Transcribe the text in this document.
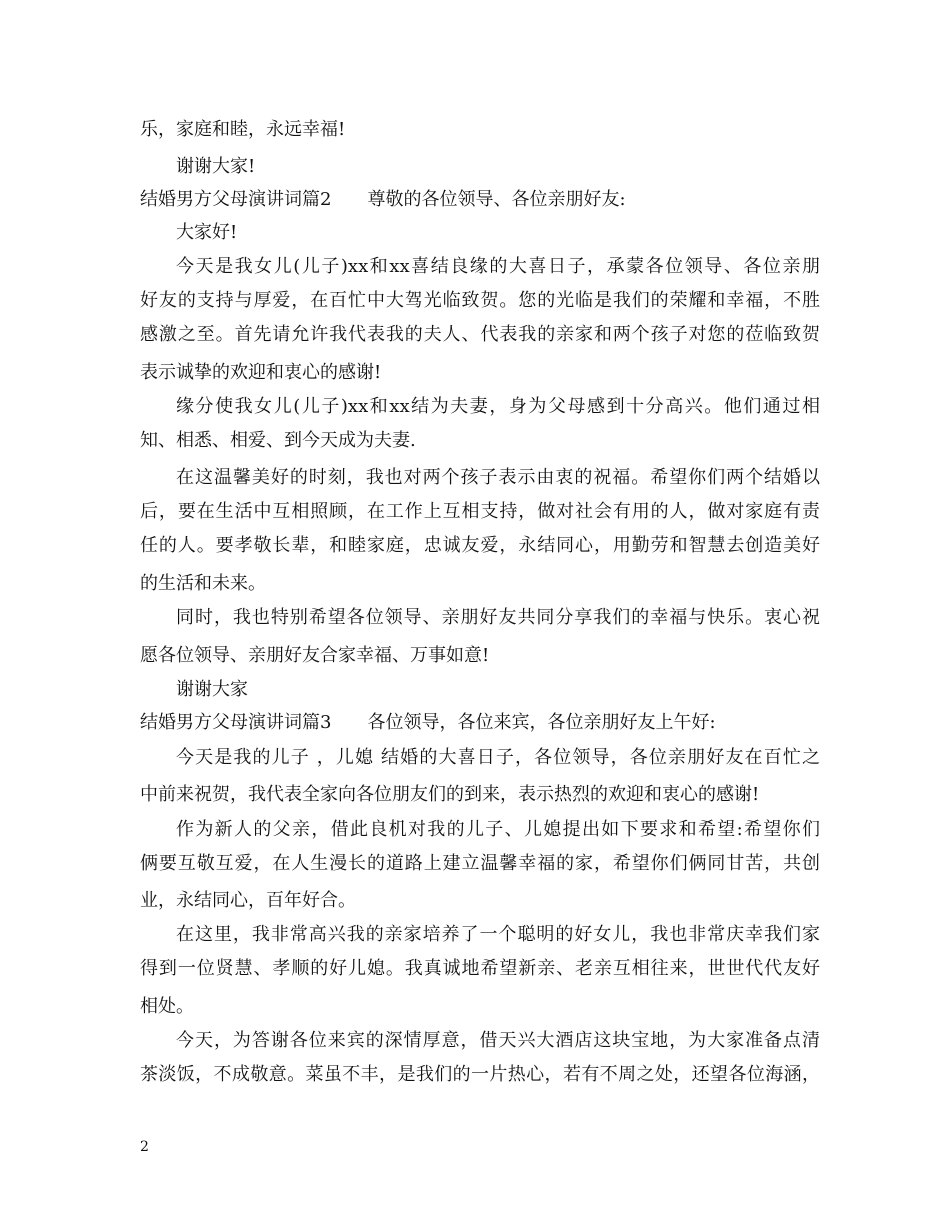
乐，家庭和睦，永远幸福!
谢谢大家!
结婚男方父母演讲词篇2　　尊敬的各位领导、各位亲朋好友:
大家好!
今天是我女儿(儿子)xx和xx喜结良缘的大喜日子，承蒙各位领导、各位亲朋
好友的支持与厚爱，在百忙中大驾光临致贺。您的光临是我们的荣耀和幸福，不胜
感激之至。首先请允许我代表我的夫人、代表我的亲家和两个孩子对您的莅临致贺
表示诚挚的欢迎和衷心的感谢!
缘分使我女儿(儿子)xx和xx结为夫妻，身为父母感到十分高兴。他们通过相
知、相悉、相爱、到今天成为夫妻.
在这温馨美好的时刻，我也对两个孩子表示由衷的祝福。希望你们两个结婚以
后，要在生活中互相照顾，在工作上互相支持，做对社会有用的人，做对家庭有责
任的人。要孝敬长辈，和睦家庭，忠诚友爱，永结同心，用勤劳和智慧去创造美好
的生活和未来。
同时，我也特别希望各位领导、亲朋好友共同分享我们的幸福与快乐。衷心祝
愿各位领导、亲朋好友合家幸福、万事如意!
谢谢大家
结婚男方父母演讲词篇3　　各位领导，各位来宾，各位亲朋好友上午好:
今天是我的儿子 ，儿媳 结婚的大喜日子，各位领导，各位亲朋好友在百忙之
中前来祝贺，我代表全家向各位朋友们的到来，表示热烈的欢迎和衷心的感谢!
作为新人的父亲，借此良机对我的儿子、儿媳提出如下要求和希望:希望你们
俩要互敬互爱，在人生漫长的道路上建立温馨幸福的家，希望你们俩同甘苦，共创
业，永结同心，百年好合。
在这里，我非常高兴我的亲家培养了一个聪明的好女儿，我也非常庆幸我们家
得到一位贤慧、孝顺的好儿媳。我真诚地希望新亲、老亲互相往来，世世代代友好
相处。
今天，为答谢各位来宾的深情厚意，借天兴大酒店这块宝地，为大家准备点清
茶淡饭，不成敬意。菜虽不丰，是我们的一片热心，若有不周之处，还望各位海涵，
2
